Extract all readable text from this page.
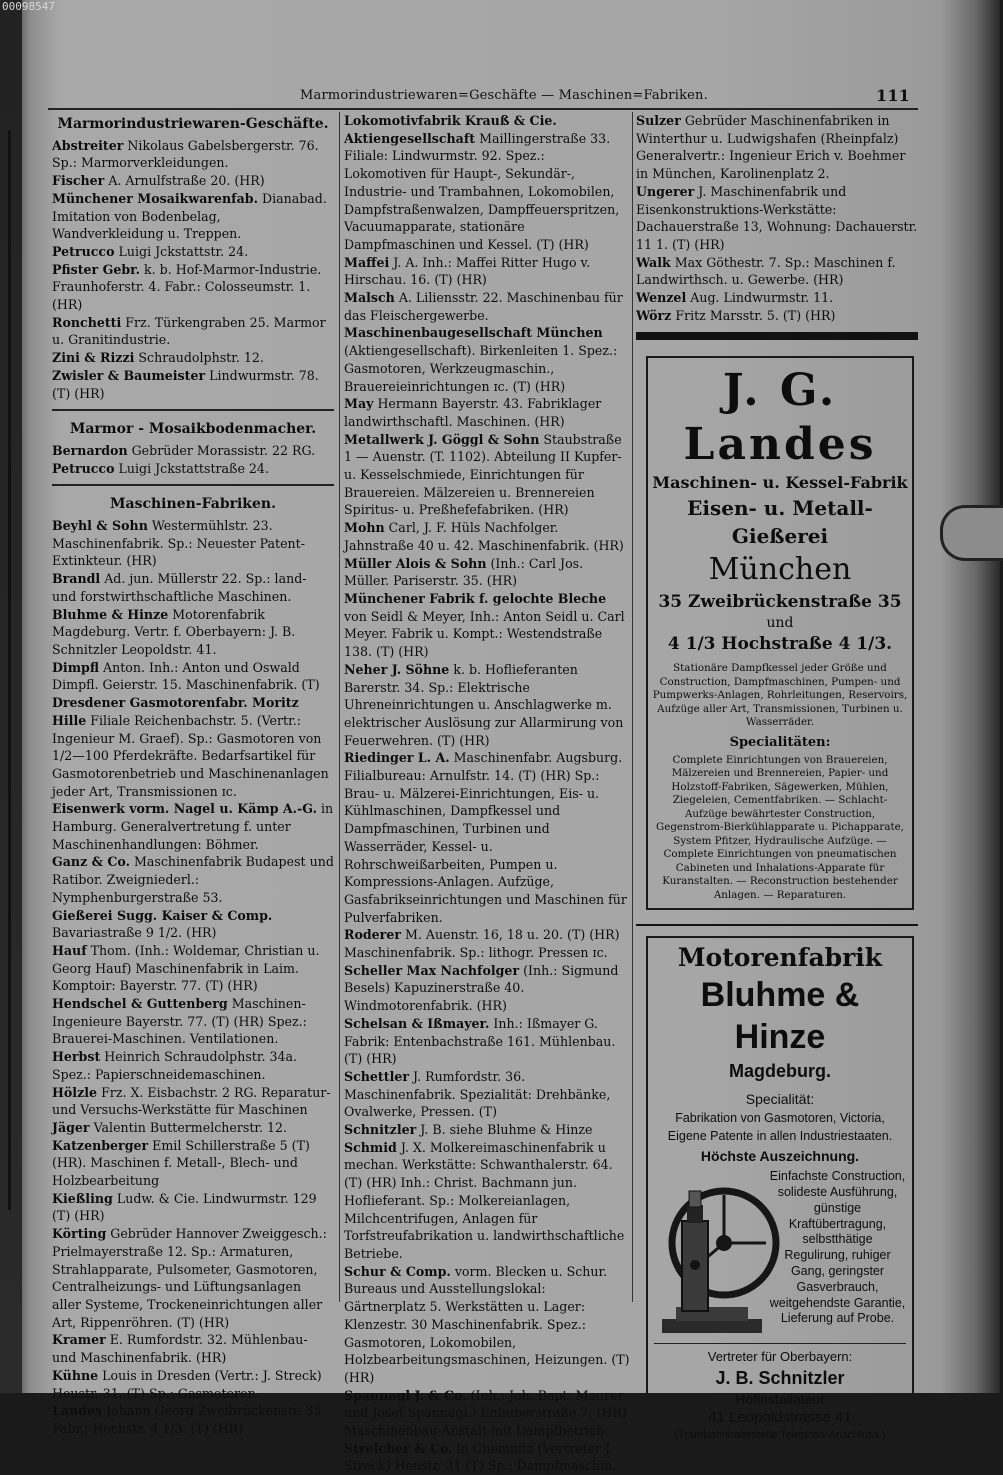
00098547
Marmorindustriewaren=Geschäfte — Maschinen=Fabriken.	111
Marmorindustriewaren-Geschäfte.

Abstreiter Nikolaus Gabelsbergerstr. 76. Sp.: Marmorverkleidungen.

Fischer A. Arnulfstraße 20. (HR)

Münchener Mosaikwarenfab. Dianabad. Imitation von Bodenbelag, Wandverkleidung u. Treppen.

Petrucco Luigi Jckstattstr. 24.

Pfister Gebr. k. b. Hof-Marmor-Industrie. Fraunhoferstr. 4. Fabr.: Colosseumstr. 1. (HR)

Ronchetti Frz. Türkengraben 25. Marmor u. Granitindustrie.

Zini & Rizzi Schraudolphstr. 12.

Zwisler & Baumeister Lindwurmstr. 78. (T) (HR)

Marmor - Mosaikbodenmacher.

Bernardon Gebrüder Morassistr. 22 RG.

Petrucco Luigi Jckstattstraße 24.

Maschinen-Fabriken.

Beyhl & Sohn Westermühlstr. 23. Maschinenfabrik. Sp.: Neuester Patent-Extinkteur. (HR)

Brandl Ad. jun. Müllerstr 22. Sp.: land- und forstwirthschaftliche Maschinen.

Bluhme & Hinze Motorenfabrik Magdeburg. Vertr. f. Oberbayern: J. B. Schnitzler Leopoldstr. 41.

Dimpfl Anton. Inh.: Anton und Oswald Dimpfl. Geierstr. 15. Maschinenfabrik. (T)

Dresdener Gasmotorenfabr. Moritz Hille Filiale Reichenbachstr. 5. (Vertr.: Ingenieur M. Graef). Sp.: Gasmotoren von 1/2—100 Pferdekräfte. Bedarfsartikel für Gasmotorenbetrieb und Maschinenanlagen jeder Art, Transmissionen ɪc.

Eisenwerk vorm. Nagel u. Kämp A.-G. in Hamburg. Generalvertretung f. unter Maschinenhandlungen: Böhmer.

Ganz & Co. Maschinenfabrik Budapest und Ratibor. Zweigniederl.: Nymphenburgerstraße 53.

Gießerei Sugg. Kaiser & Comp. Bavariastraße 9 1/2. (HR)

Hauf Thom. (Inh.: Woldemar, Christian u. Georg Hauf) Maschinenfabrik in Laim. Komptoir: Bayerstr. 77. (T) (HR)

Hendschel & Guttenberg Maschinen-Ingenieure Bayerstr. 77. (T) (HR) Spez.: Brauerei-Maschinen. Ventilationen.

Herbst Heinrich Schraudolphstr. 34a. Spez.: Papierschneidemaschinen.

Hölzle Frz. X. Eisbachstr. 2 RG. Reparatur- und Versuchs-Werkstätte für Maschinen

Jäger Valentin Buttermelcherstr. 12.

Katzenberger Emil Schillerstraße 5 (T) (HR). Maschinen f. Metall-, Blech- und Holzbearbeitung

Kießling Ludw. & Cie. Lindwurmstr. 129 (T) (HR)

Körting Gebrüder Hannover Zweiggesch.: Prielmayerstraße 12. Sp.: Armaturen, Strahlapparate, Pulsometer, Gasmotoren, Centralheizungs- und Lüftungsanlagen aller Systeme, Trockeneinrichtungen aller Art, Rippenröhren. (T) (HR)

Kramer E. Rumfordstr. 32. Mühlenbau- und Maschinenfabrik. (HR)

Kühne Louis in Dresden (Vertr.: J. Streck) Heustr. 31. (T) Sp.: Gasmotoren.

Landes Johann Georg Zweibrückenstr. 35. Fabr.: Hochstr. 4 1/3. (T) (HR)

Lokomotivfabrik Krauß & Cie. Aktiengesellschaft Maillingerstraße 33. Filiale: Lindwurmstr. 92. Spez.: Lokomotiven für Haupt-, Sekundär-, Industrie- und Trambahnen, Lokomobilen, Dampfstraßenwalzen, Dampffeuerspritzen, Vacuumapparate, stationäre Dampfmaschinen und Kessel. (T) (HR)

Maffei J. A. Inh.: Maffei Ritter Hugo v. Hirschau. 16. (T) (HR)

Malsch A. Liliensstr. 22. Maschinenbau für das Fleischergewerbe.

Maschinenbaugesellschaft München (Aktiengesellschaft). Birkenleiten 1. Spez.: Gasmotoren, Werkzeugmaschin., Brauereieinrichtungen ɪc. (T) (HR)

May Hermann Bayerstr. 43. Fabriklager landwirthschaftl. Maschinen. (HR)

Metallwerk J. Göggl & Sohn Staubstraße 1 — Auenstr. (T. 1102). Abteilung II Kupfer- u. Kesselschmiede, Einrichtungen für Brauereien. Mälzereien u. Brennereien Spiritus- u. Preßhefefabriken. (HR)

Mohn Carl, J. F. Hüls Nachfolger. Jahnstraße 40 u. 42. Maschinenfabrik. (HR)

Müller Alois & Sohn (Inh.: Carl Jos. Müller. Pariserstr. 35. (HR)

Münchener Fabrik f. gelochte Bleche von Seidl & Meyer, Inh.: Anton Seidl u. Carl Meyer. Fabrik u. Kompt.: Westendstraße 138. (T) (HR)

Neher J. Söhne k. b. Hoflieferanten Barerstr. 34. Sp.: Elektrische Uhreneinrichtungen u. Anschlagwerke m. elektrischer Auslösung zur Allarmirung von Feuerwehren. (T) (HR)

Riedinger L. A. Maschinenfabr. Augsburg. Filialbureau: Arnulfstr. 14. (T) (HR) Sp.: Brau- u. Mälzerei-Einrichtungen, Eis- u. Kühlmaschinen, Dampfkessel und Dampfmaschinen, Turbinen und Wasserräder, Kessel- u. Rohrschweißarbeiten, Pumpen u. Kompressions-Anlagen. Aufzüge, Gasfabrikseinrichtungen und Maschinen für Pulverfabriken.

Roderer M. Auenstr. 16, 18 u. 20. (T) (HR) Maschinenfabrik. Sp.: lithogr. Pressen ɪc.

Scheller Max Nachfolger (Inh.: Sigmund Besels) Kapuzinerstraße 40. Windmotorenfabrik. (HR)

Schelsan & Ißmayer. Inh.: Ißmayer G. Fabrik: Entenbachstraße 161. Mühlenbau. (T) (HR)

Schettler J. Rumfordstr. 36. Maschinenfabrik. Spezialität: Drehbänke, Ovalwerke, Pressen. (T)

Schnitzler J. B. siehe Bluhme & Hinze

Schmid J. X. Molkereimaschinenfabrik u mechan. Werkstätte: Schwanthalerstr. 64. (T) (HR) Inh.: Christ. Bachmann jun. Hoflieferant. Sp.: Molkereianlagen, Milchcentrifugen, Anlagen für Torfstreufabrikation u. landwirthschaftliche Betriebe.

Schur & Comp. vorm. Blecken u. Schur. Bureaus und Ausstellungslokal: Gärtnerplatz 5. Werkstätten u. Lager: Klenzestr. 30 Maschinenfabrik. Spez.: Gasmotoren, Lokomobilen, Holzbearbeitungsmaschinen, Heizungen. (T) (HR)

Spannagl J. & Co. (Inh.: Joh. Bapt. Maurer und Josef Spannagl.) Enhuberstraße 7. (HR) Maschinenbau-Anstalt mit Dampfbetrieb.

Streicher & Co. in Chemnitz (Vertreter J. Streck) Heustr. 31 (T) Sp.: Dampfmaschin.

Sulzer Gebrüder Maschinenfabriken in Winterthur u. Ludwigshafen (Rheinpfalz) Generalvertr.: Ingenieur Erich v. Boehmer in München, Karolinenplatz 2.

Ungerer J. Maschinenfabrik und Eisenkonstruktions-Werkstätte: Dachauerstraße 13, Wohnung: Dachauerstr. 11 1. (T) (HR)

Walk Max Göthestr. 7. Sp.: Maschinen f. Landwirthsch. u. Gewerbe. (HR)

Wenzel Aug. Lindwurmstr. 11.

Wörz Fritz Marsstr. 5. (T) (HR)

J. G. Landes
Maschinen- u. Kessel-Fabrik
Eisen- u. Metall-Gießerei
München
35 Zweibrückenstraße 35
und
4 1/3 Hochstraße 4 1/3.
Stationäre Dampfkessel jeder Größe und Construction, Dampfmaschinen, Pumpen- und Pumpwerks-Anlagen, Rohrleitungen, Reservoirs, Aufzüge aller Art, Transmissionen, Turbinen u. Wasserräder.
Specialitäten:
Complete Einrichtungen von Brauereien, Mälzereien und Brennereien, Papier- und Holzstoff-Fabriken, Sägewerken, Mühlen, Ziegeleien, Cementfabriken. — Schlacht-Aufzüge bewährtester Construction, Gegenstrom-Bierkühlapparate u. Pichapparate, System Pfitzer, Hydraulische Aufzüge. — Complete Einrichtungen von pneumatischen Cabineten und Inhalations-Apparate für Kuranstalten. — Reconstruction bestehender Anlagen. — Reparaturen.
Motorenfabrik
Bluhme & Hinze
Magdeburg.
Specialität:
Fabrikation von Gasmotoren, Victoria,
Eigene Patente in allen Industriestaaten.
Höchste Auszeichnung.
Einfachste Construction, solideste Ausführung, günstige Kraftübertragung, selbstthätige Regulirung, ruhiger Gang, geringster Gasverbrauch, weitgehendste Garantie, Lieferung auf Probe.
Vertreter für Oberbayern:
J. B. Schnitzler
Hofinstallateur
41 Leopoldstrasse 41
(Trambahnhaltestelle Telephon-Anschluss.)
